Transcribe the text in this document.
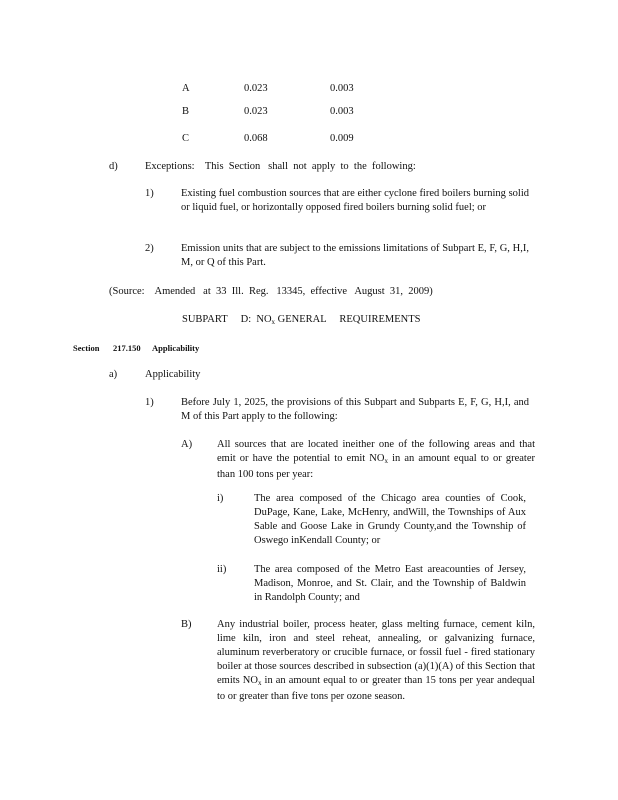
A	0.023	0.003
B	0.023	0.003
C	0.068	0.009
d)	Exceptions:    This  Section   shall  not  apply  to  the  following:
1)	Existing fuel combustion sources that are either cyclone fired boilers burning solid or liquid fuel, or horizontally opposed fired boilers burning solid fuel; or
2)	Emission units that are subject to the emissions limitations of Subpart E, F, G, H,I, M, or Q of this Part.
(Source:    Amended   at  33  Ill.  Reg.   13345,  effective   August  31,  2009)
SUBPART     D:  $NO_x$ GENERAL     REQUIREMENTS
Section 217.150 Applicability
a)	Applicability
1)	Before July 1, 2025, the provisions of this Subpart and Subparts E, F, G, H,I, and M of this Part apply to the following:
A) All sources that are located ineither one of the following areas and that emit or have the potential to emit $NO_x$ in an amount equal to or greater than 100 tons per year:
i)	The area composed of the Chicago area counties of Cook, DuPage, Kane, Lake, McHenry, andWill, the Townships of Aux Sable and Goose Lake in Grundy County,and the Township of Oswego inKendall County; or
ii)	The area composed of the Metro East areacounties of Jersey, Madison, Monroe, and St. Clair, and the Township of Baldwin in Randolph County; and
B) Any industrial boiler, process heater, glass melting furnace, cement kiln, lime kiln, iron and steel reheat, annealing, or galvanizing furnace, aluminum reverberatory or crucible furnace, or fossil fuel - fired stationary boiler at those sources described in subsection (a)(1)(A) of this Section that emits $NO_x$ in an amount equal to or greater than 15 tons per year andequal to or greater than five tons per ozone season.
